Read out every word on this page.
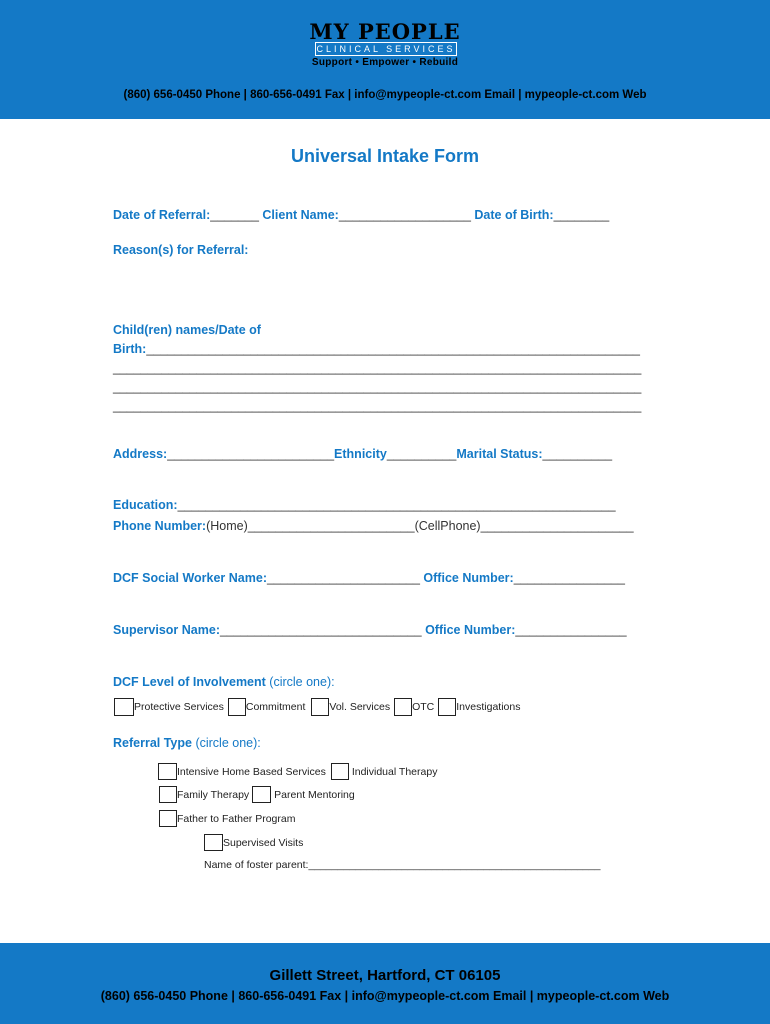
MY PEOPLE
CLINICAL SERVICES
Support • Empower • Rebuild
(860) 656-0450 Phone | 860-656-0491 Fax | info@mypeople-ct.com Email | mypeople-ct.com Web
Universal Intake Form
Date of Referral:_______ Client Name:___________________ Date of Birth:________
Reason(s) for Referral:
Child(ren) names/Date of
Birth:_______________________________________________________________________
____________________________________________________________________________
____________________________________________________________________________
____________________________________________________________________________
Address:________________________Ethnicity__________Marital Status:__________
Education:_______________________________________________________________
Phone Number:(Home)________________________(CellPhone)______________________
DCF Social Worker Name:______________________ Office Number:________________
Supervisor Name:_____________________________ Office Number:________________
DCF Level of Involvement (circle one):
Protective Services Commitment Vol. Services OTC Investigations
Referral Type (circle one):
Intensive Home Based Services Individual Therapy
Family Therapy Parent Mentoring
Father to Father Program
Supervised Visits
Name of foster parent: __________________________________________________
Gillett Street, Hartford, CT 06105
(860) 656-0450 Phone | 860-656-0491 Fax | info@mypeople-ct.com Email | mypeople-ct.com Web
